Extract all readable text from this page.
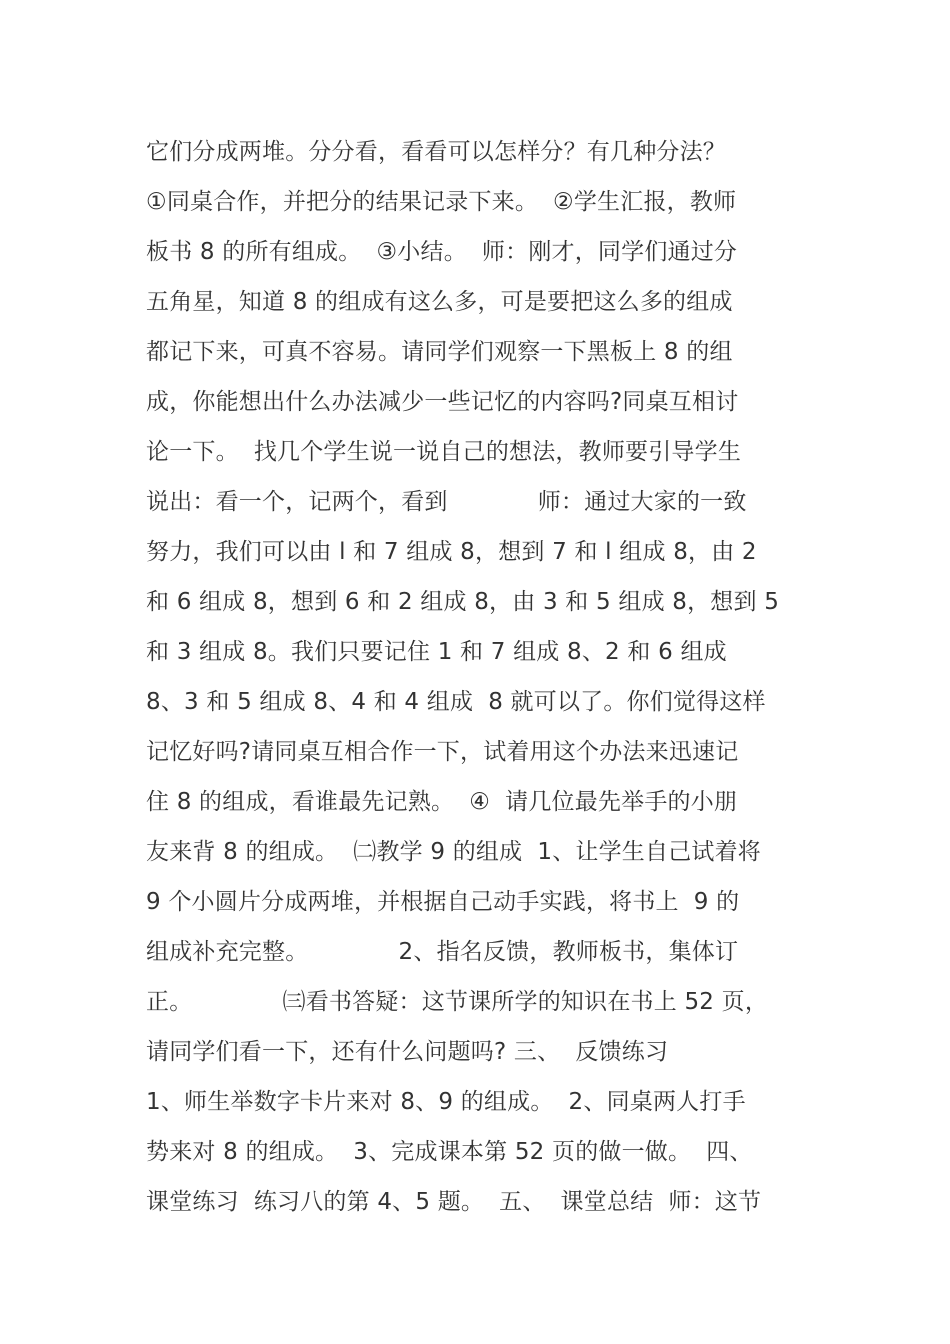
它们分成两堆。分分看，看看可以怎样分？有几种分法？
①同桌合作，并把分的结果记录下来。  ②学生汇报，教师
板书 8 的所有组成。  ③小结。  师：刚才，同学们通过分
五角星，知道 8 的组成有这么多，可是要把这么多的组成
都记下来，可真不容易。请同学们观察一下黑板上 8 的组
成，你能想出什么办法减少一些记忆的内容吗?同桌互相讨
论一下。  找几个学生说一说自己的想法，教师要引导学生
说出：看一个，记两个，看到            师：通过大家的一致
努力，我们可以由 l 和 7 组成 8，想到 7 和 l 组成 8，由 2
和 6 组成 8，想到 6 和 2 组成 8，由 3 和 5 组成 8，想到 5
和 3 组成 8。我们只要记住 1 和 7 组成 8、2 和 6 组成
8、3 和 5 组成 8、4 和 4 组成  8 就可以了。你们觉得这样
记忆好吗?请同桌互相合作一下，试着用这个办法来迅速记
住 8 的组成，看谁最先记熟。  ④  请几位最先举手的小朋
友来背 8 的组成。  ㈡教学 9 的组成  1、让学生自己试着将
9 个小圆片分成两堆，并根据自己动手实践，将书上  9 的
组成补充完整。            2、指名反馈，教师板书，集体订
正。            ㈢看书答疑：这节课所学的知识在书上 52 页，
请同学们看一下，还有什么问题吗? 三、  反馈练习
1、师生举数字卡片来对 8、9 的组成。  2、同桌两人打手
势来对 8 的组成。  3、完成课本第 52 页的做一做。  四、
课堂练习  练习八的第 4、5 题。  五、  课堂总结  师：这节
